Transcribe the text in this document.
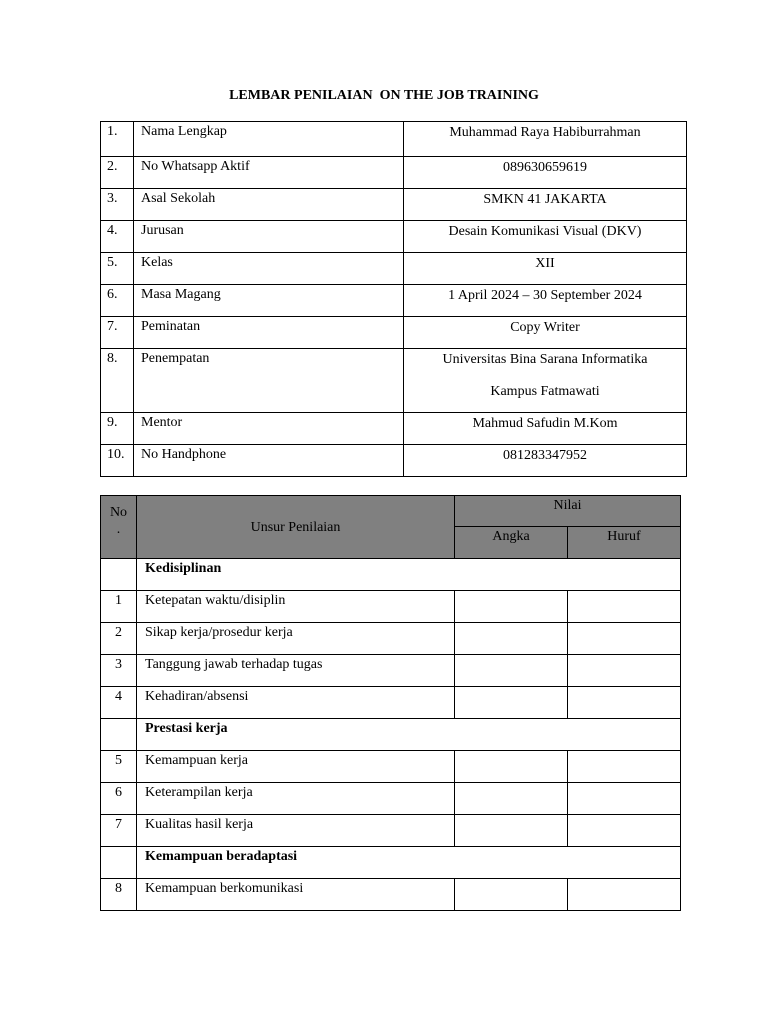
LEMBAR PENILAIAN  ON THE JOB TRAINING
1.	Nama Lengkap	Muhammad Raya Habiburrahman
2.	No Whatsapp Aktif	089630659619
3.	Asal Sekolah	SMKN 41 JAKARTA
4.	Jurusan	Desain Komunikasi Visual (DKV)
5.	Kelas	XII
6.	Masa Magang	1 April 2024 – 30 September 2024
7.	Peminatan	Copy Writer
8.	Penempatan	Universitas Bina Sarana Informatika
Kampus Fatmawati

9.	Mentor	Mahmud Safudin M.Kom
10.	No Handphone	081283347952
No
.	Unsur Penilaian	Nilai	
		Angka	Huruf
	Kedisiplinan		
1	Ketepatan waktu/disiplin		
2	Sikap kerja/prosedur kerja		
3	Tanggung jawab terhadap tugas		
4	Kehadiran/absensi		
	Prestasi kerja		
5	Kemampuan kerja		
6	Keterampilan kerja		
7	Kualitas hasil kerja		
	Kemampuan beradaptasi		
8	Kemampuan berkomunikasi		
